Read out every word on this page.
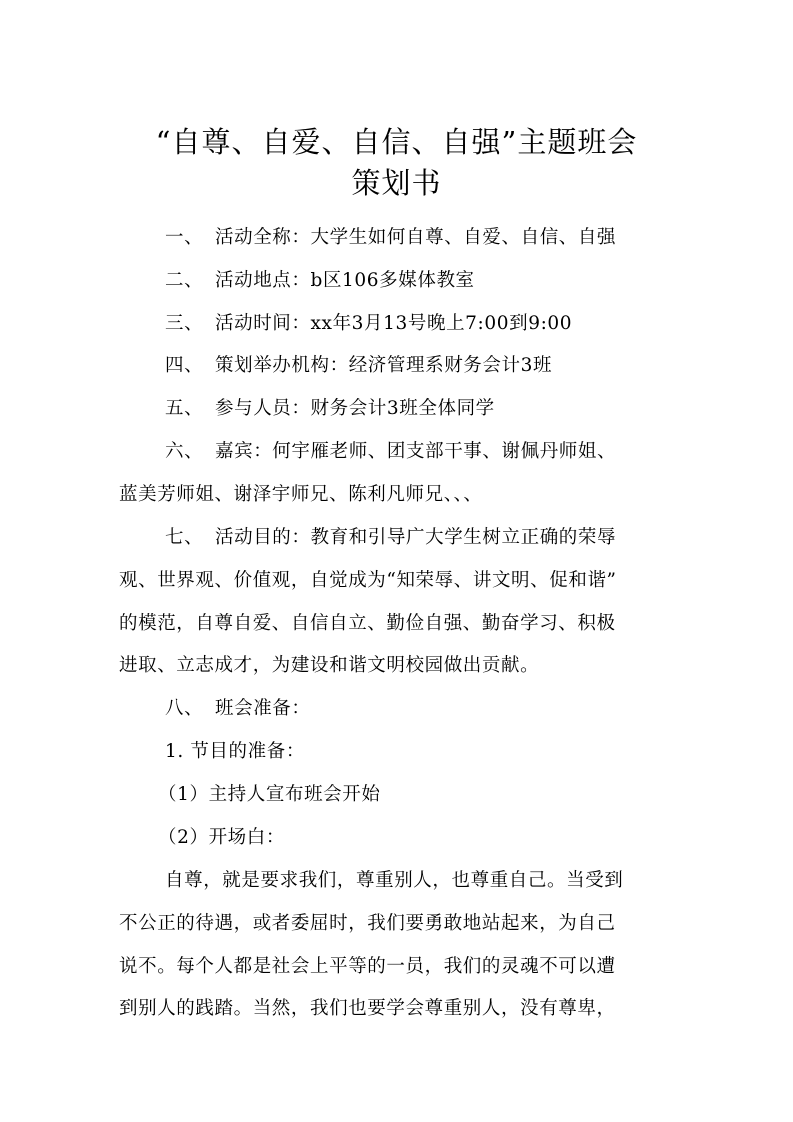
“自尊、自爱、自信、自强”主题班会
策划书

一、 活动全称：大学生如何自尊、自爱、自信、自强

二、 活动地点：b区106多媒体教室

三、 活动时间：xx年3月13号晚上7:00到9:00

四、 策划举办机构：经济管理系财务会计3班

五、 参与人员：财务会计3班全体同学

六、 嘉宾：何宇雁老师、团支部干事、谢佩丹师姐、

蓝美芳师姐、谢泽宇师兄、陈利凡师兄、、、

七、 活动目的：教育和引导广大学生树立正确的荣辱

观、世界观、价值观，自觉成为“知荣辱、讲文明、促和谐”

的模范，自尊自爱、自信自立、勤俭自强、勤奋学习、积极

进取、立志成才，为建设和谐文明校园做出贡献。

八、 班会准备：

1. 节目的准备：

（1）主持人宣布班会开始

（2）开场白：

自尊，就是要求我们，尊重别人，也尊重自己。当受到

不公正的待遇，或者委屈时，我们要勇敢地站起来，为自己

说不。每个人都是社会上平等的一员，我们的灵魂不可以遭

到别人的践踏。当然，我们也要学会尊重别人，没有尊卑，
